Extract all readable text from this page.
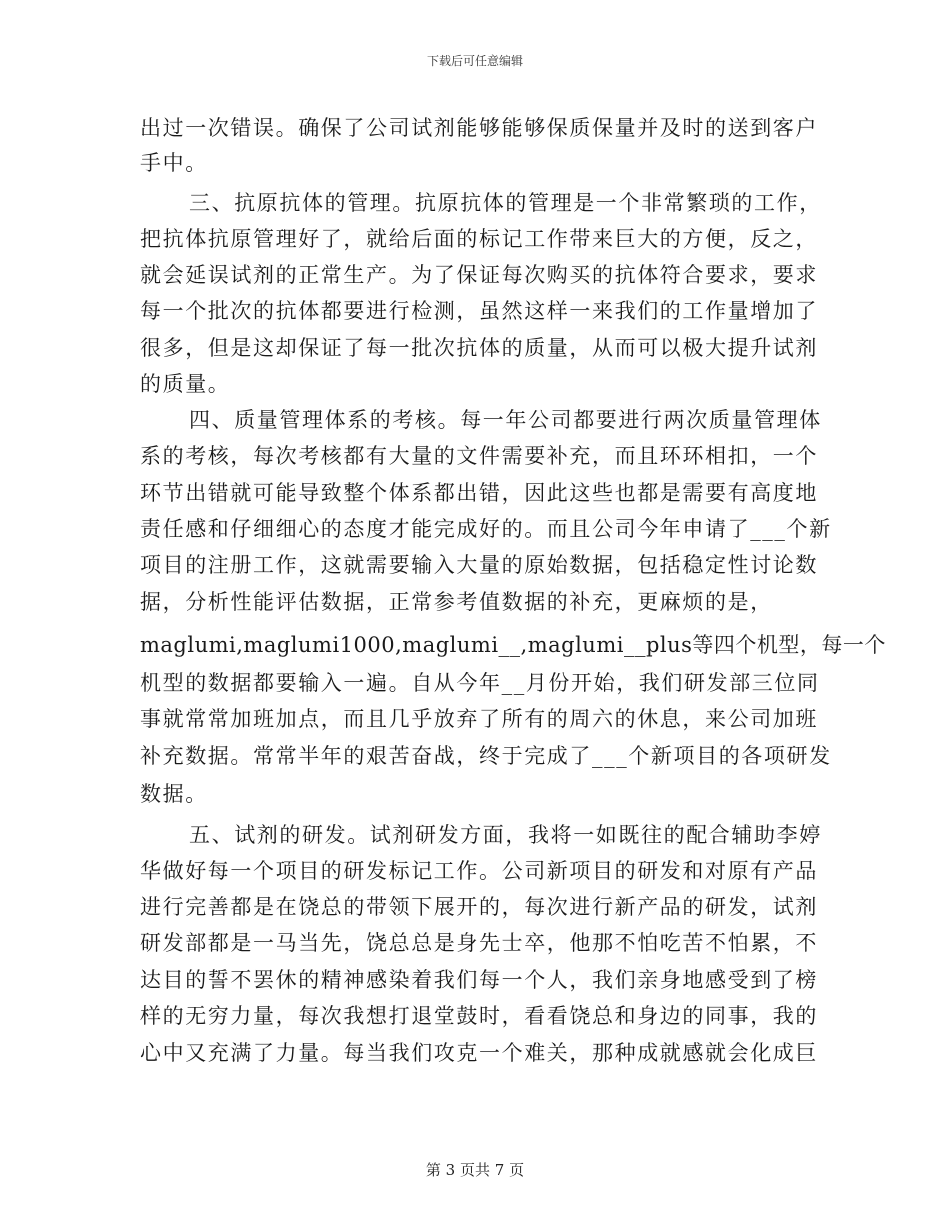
下载后可任意编辑
出过一次错误。确保了公司试剂能够能够保质保量并及时的送到客户
手中。
三、抗原抗体的管理。抗原抗体的管理是一个非常繁琐的工作，
把抗体抗原管理好了，就给后面的标记工作带来巨大的方便，反之，
就会延误试剂的正常生产。为了保证每次购买的抗体符合要求，要求
每一个批次的抗体都要进行检测，虽然这样一来我们的工作量增加了
很多，但是这却保证了每一批次抗体的质量，从而可以极大提升试剂
的质量。
四、质量管理体系的考核。每一年公司都要进行两次质量管理体
系的考核，每次考核都有大量的文件需要补充，而且环环相扣，一个
环节出错就可能导致整个体系都出错，因此这些也都是需要有高度地
责任感和仔细细心的态度才能完成好的。而且公司今年申请了___个新
项目的注册工作，这就需要输入大量的原始数据，包括稳定性讨论数
据，分析性能评估数据，正常参考值数据的补充，更麻烦的是，
maglumi,maglumi1000,maglumi__,maglumi__plus等四个机型，每一个
机型的数据都要输入一遍。自从今年__月份开始，我们研发部三位同
事就常常加班加点，而且几乎放弃了所有的周六的休息，来公司加班
补充数据。常常半年的艰苦奋战，终于完成了___个新项目的各项研发
数据。
五、试剂的研发。试剂研发方面，我将一如既往的配合辅助李婷
华做好每一个项目的研发标记工作。公司新项目的研发和对原有产品
进行完善都是在饶总的带领下展开的，每次进行新产品的研发，试剂
研发部都是一马当先，饶总总是身先士卒，他那不怕吃苦不怕累，不
达目的誓不罢休的精神感染着我们每一个人，我们亲身地感受到了榜
样的无穷力量，每次我想打退堂鼓时，看看饶总和身边的同事，我的
心中又充满了力量。每当我们攻克一个难关，那种成就感就会化成巨
第 3 页共 7 页
